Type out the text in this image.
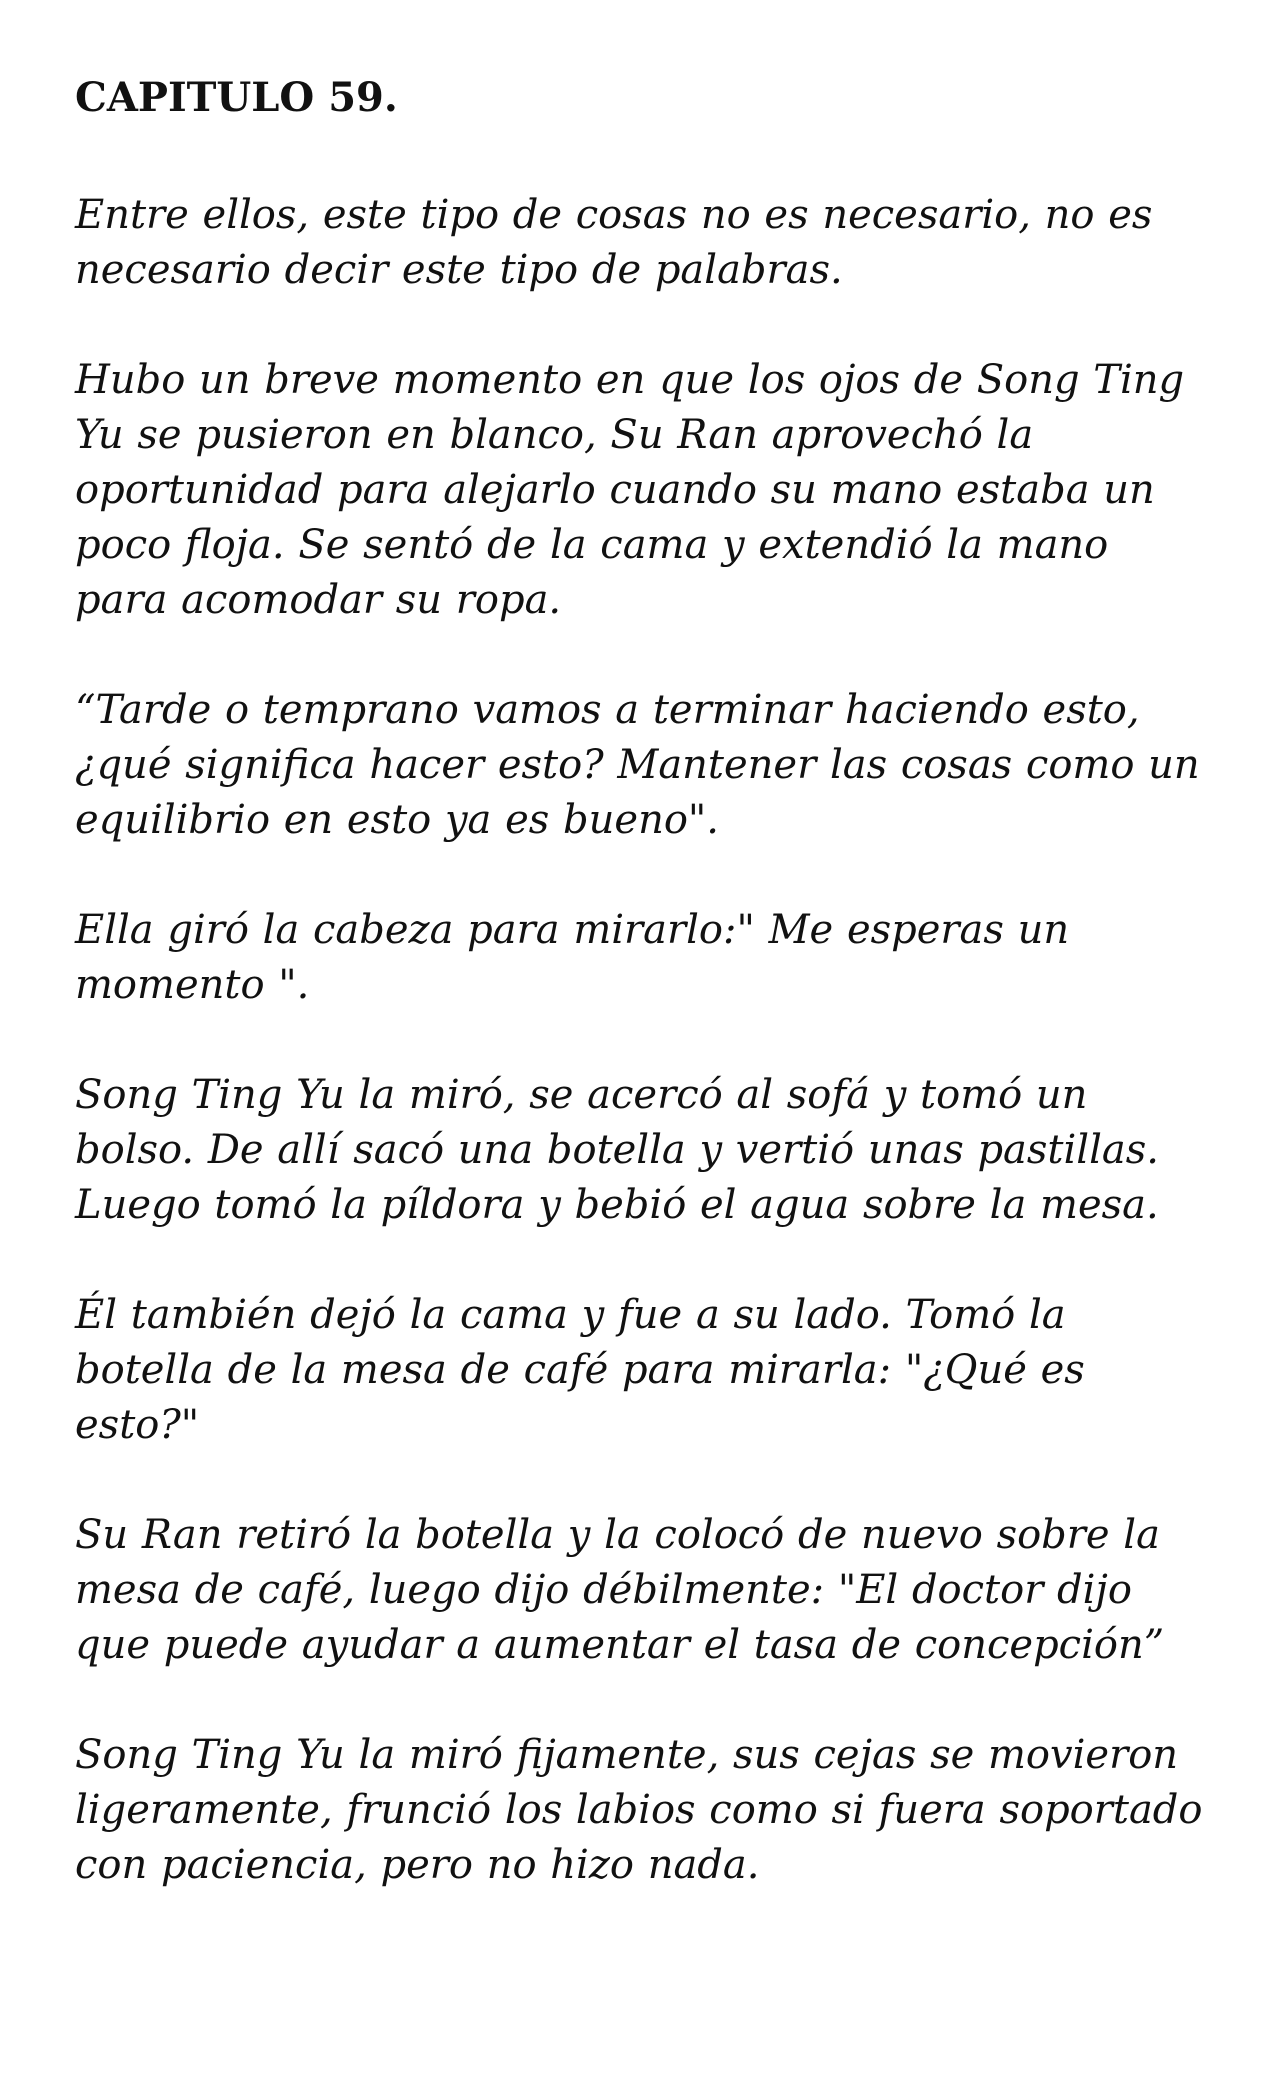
CAPITULO 59.

Entre ellos, este tipo de cosas no es necesario, no es necesario decir este tipo de palabras.

Hubo un breve momento en que los ojos de Song Ting Yu se pusieron en blanco, Su Ran aprovechó la oportunidad para alejarlo cuando su mano estaba un poco floja. Se sentó de la cama y extendió la mano para acomodar su ropa.

“Tarde o temprano vamos a terminar haciendo esto, ¿qué significa hacer esto? Mantener las cosas como un equilibrio en esto ya es bueno".

Ella giró la cabeza para mirarlo:" Me esperas un momento ".

Song Ting Yu la miró, se acercó al sofá y tomó un bolso. De allí sacó una botella y vertió unas pastillas. Luego tomó la píldora y bebió el agua sobre la mesa.

Él también dejó la cama y fue a su lado. Tomó la botella de la mesa de café para mirarla: "¿Qué es esto?"

Su Ran retiró la botella y la colocó de nuevo sobre la mesa de café, luego dijo débilmente: "El doctor dijo que puede ayudar a aumentar el tasa de concepción”

Song Ting Yu la miró fijamente, sus cejas se movieron ligeramente, frunció los labios como si fuera soportado con paciencia, pero no hizo nada.
